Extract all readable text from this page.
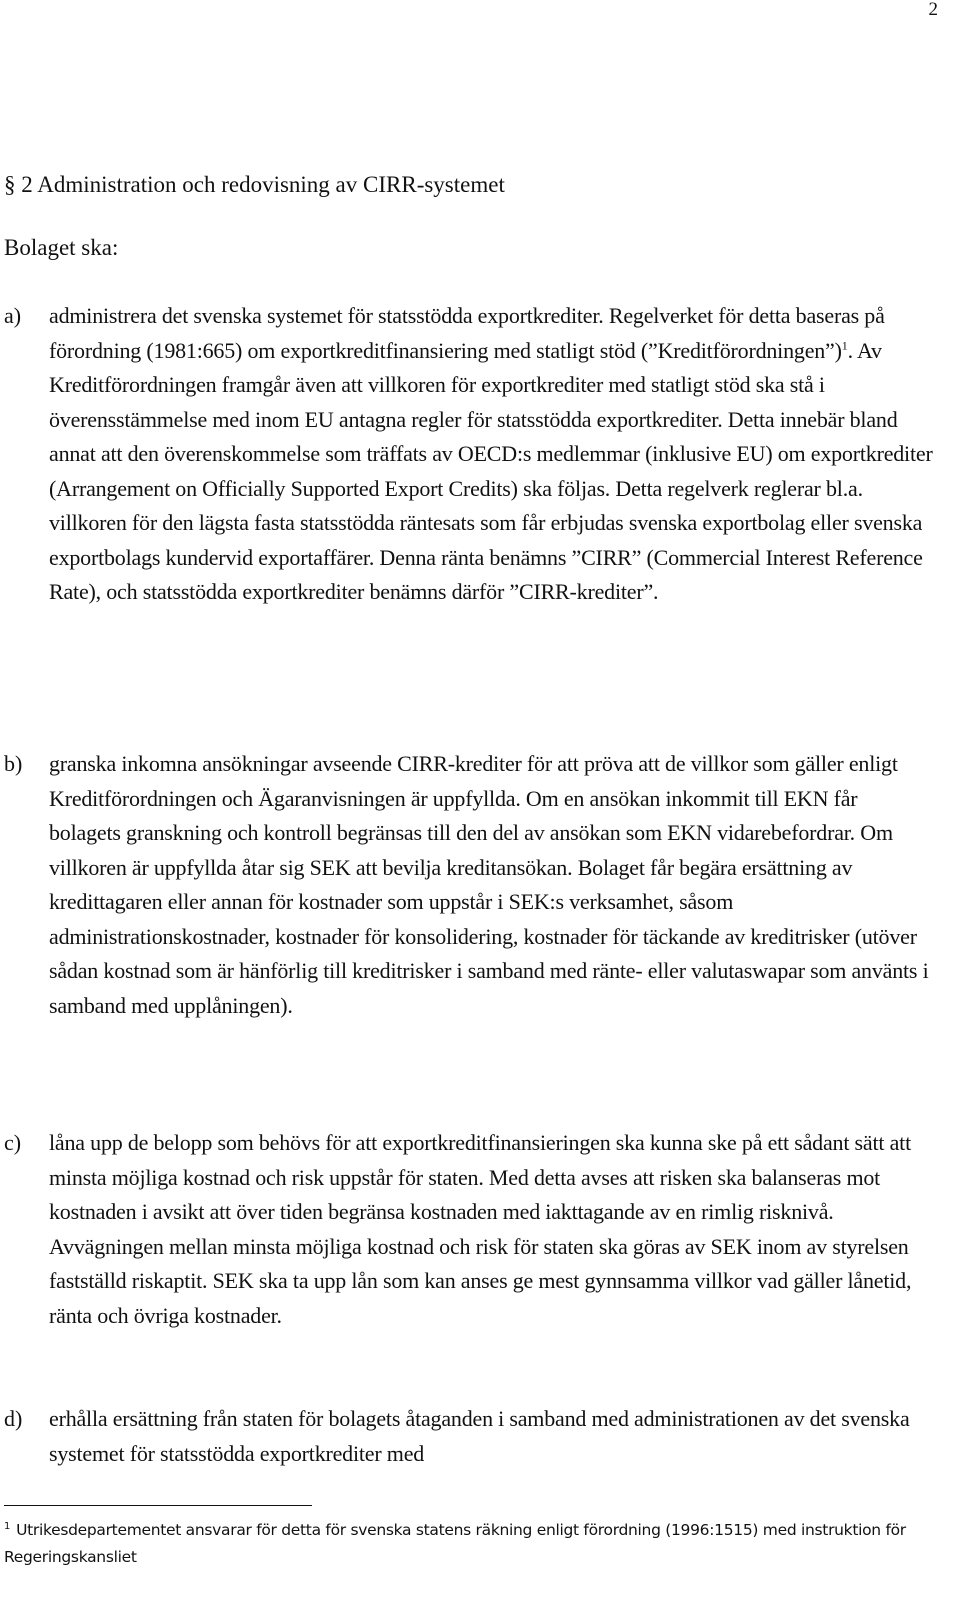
2
§ 2 Administration och redovisning av CIRR-systemet
Bolaget ska:
a) administrera det svenska systemet för statsstödda exportkrediter. Regelverket för detta baseras på förordning (1981:665) om exportkreditfinansiering med statligt stöd (”Kreditförordningen”)$^1$. Av Kreditförordningen framgår även att villkoren för exportkrediter med statligt stöd ska stå i överensstämmelse med inom EU antagna regler för statsstödda exportkrediter. Detta innebär bland annat att den överenskommelse som träffats av OECD:s medlemmar (inklusive EU) om exportkrediter (Arrangement on Officially Supported Export Credits) ska följas. Detta regelverk reglerar bl.a. villkoren för den lägsta fasta statsstödda räntesats som får erbjudas svenska exportbolag eller svenska exportbolags kundervid exportaffärer. Denna ränta benämns ”CIRR” (Commercial Interest Reference Rate), och statsstödda exportkrediter benämns därför ”CIRR-krediter”.
b) granska inkomna ansökningar avseende CIRR-krediter för att pröva att de villkor som gäller enligt Kreditförordningen och Ägaranvisningen är uppfyllda. Om en ansökan inkommit till EKN får bolagets granskning och kontroll begränsas till den del av ansökan som EKN vidarebefordrar. Om villkoren är uppfyllda åtar sig SEK att bevilja kreditansökan. Bolaget får begära ersättning av kredittagaren eller annan för kostnader som uppstår i SEK:s verksamhet, såsom administrationskostnader, kostnader för konsolidering, kostnader för täckande av kreditrisker (utöver sådan kostnad som är hänförlig till kreditrisker i samband med ränte- eller valutaswapar som använts i samband med upplåningen).
c) låna upp de belopp som behövs för att exportkreditfinansieringen ska kunna ske på ett sådant sätt att minsta möjliga kostnad och risk uppstår för staten. Med detta avses att risken ska balanseras mot kostnaden i avsikt att över tiden begränsa kostnaden med iakttagande av en rimlig risknivå. Avvägningen mellan minsta möjliga kostnad och risk för staten ska göras av SEK inom av styrelsen fastställd riskaptit. SEK ska ta upp lån som kan anses ge mest gynnsamma villkor vad gäller lånetid, ränta och övriga kostnader.
d) erhålla ersättning från staten för bolagets åtaganden i samband med administrationen av det svenska systemet för statsstödda exportkrediter med
$^1$ Utrikesdepartementet ansvarar för detta för svenska statens räkning enligt förordning (1996:1515) med instruktion för Regeringskansliet
